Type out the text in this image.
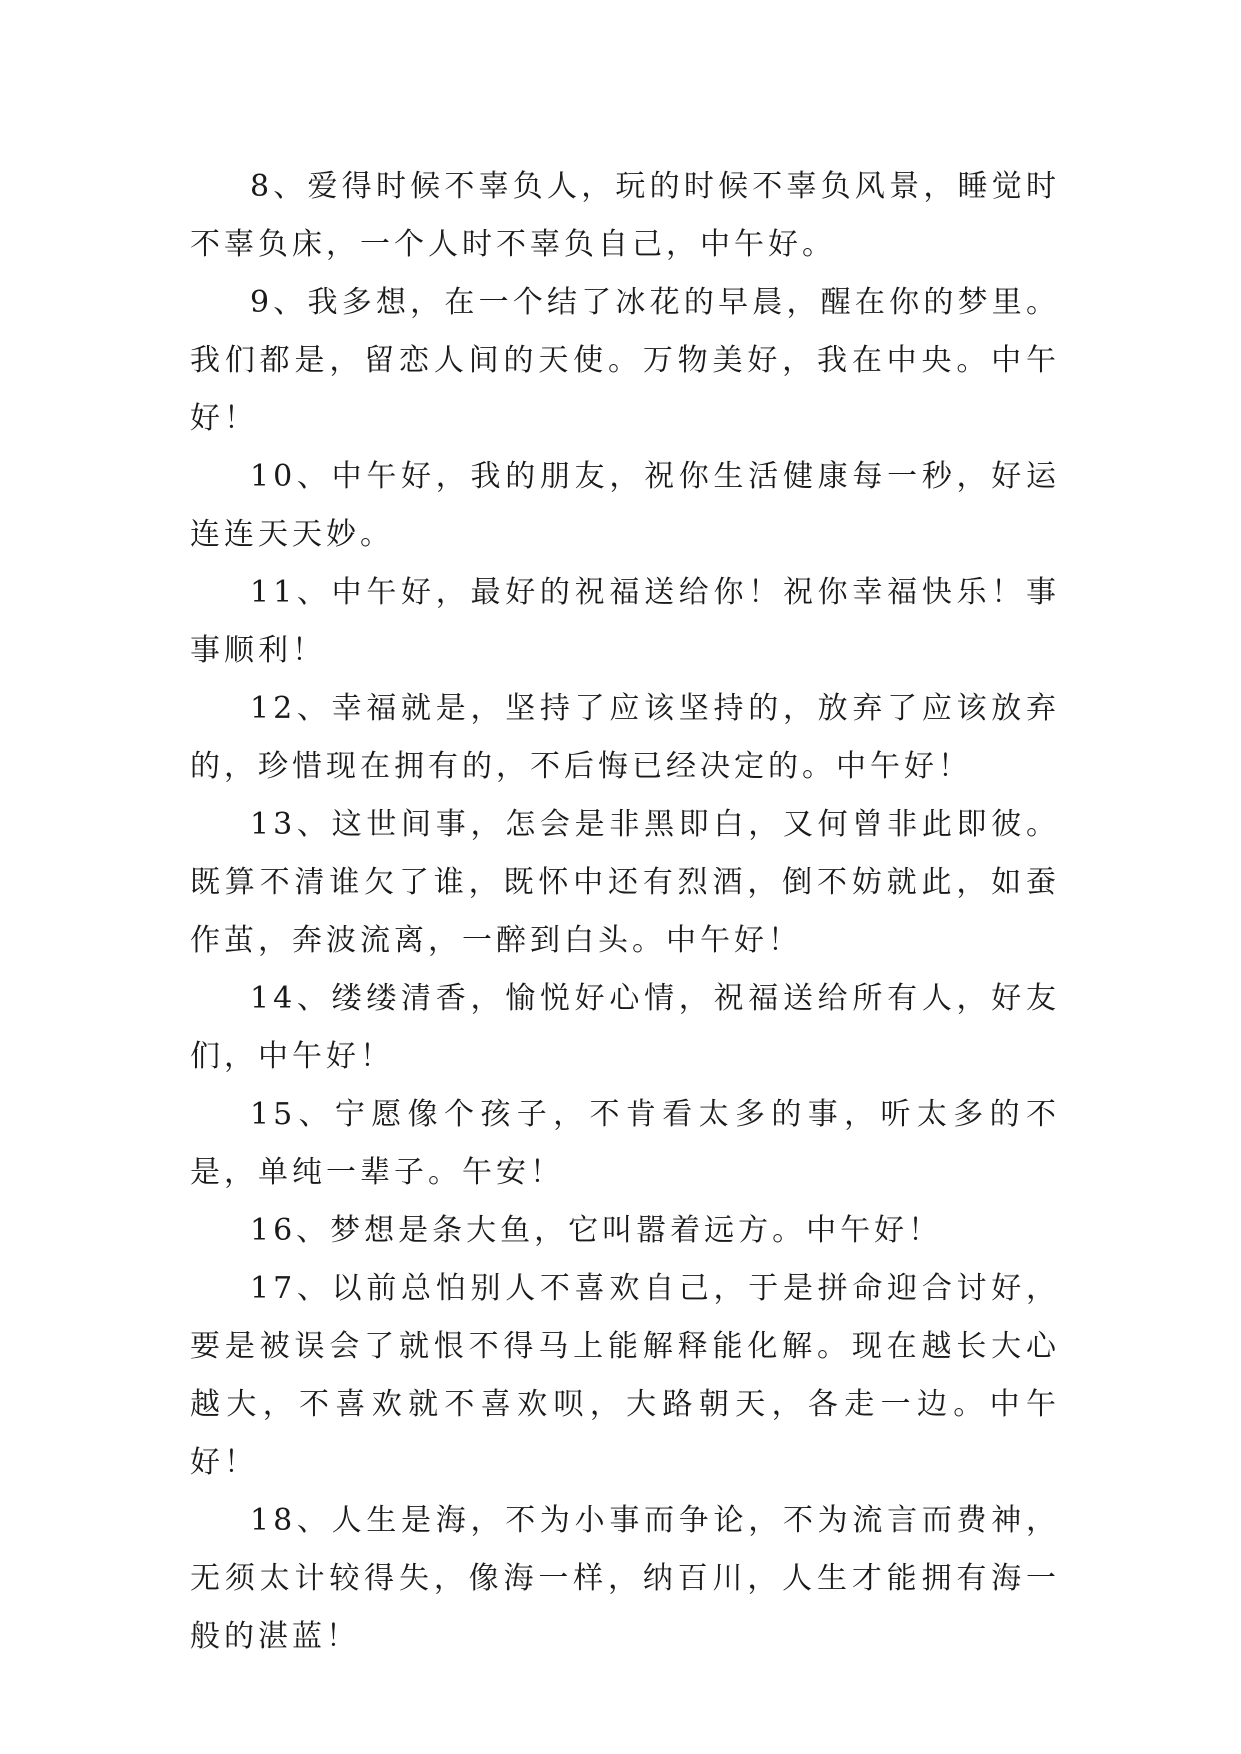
8、爱得时候不辜负人，玩的时候不辜负风景，睡觉时不辜负床，一个人时不辜负自己，中午好。

9、我多想，在一个结了冰花的早晨，醒在你的梦里。我们都是，留恋人间的天使。万物美好，我在中央。中午好！

10、中午好，我的朋友，祝你生活健康每一秒，好运连连天天妙。

11、中午好，最好的祝福送给你！祝你幸福快乐！事事顺利！

12、幸福就是，坚持了应该坚持的，放弃了应该放弃的，珍惜现在拥有的，不后悔已经决定的。中午好！

13、这世间事，怎会是非黑即白，又何曾非此即彼。既算不清谁欠了谁，既怀中还有烈酒，倒不妨就此，如蚕作茧，奔波流离，一醉到白头。中午好！

14、缕缕清香，愉悦好心情，祝福送给所有人，好友们，中午好！

15、宁愿像个孩子，不肯看太多的事，听太多的不是，单纯一辈子。午安！

16、梦想是条大鱼，它叫嚣着远方。中午好！

17、以前总怕别人不喜欢自己，于是拼命迎合讨好，要是被误会了就恨不得马上能解释能化解。现在越长大心越大，不喜欢就不喜欢呗，大路朝天，各走一边。中午好！

18、人生是海，不为小事而争论，不为流言而费神，无须太计较得失，像海一样，纳百川，人生才能拥有海一般的湛蓝！
